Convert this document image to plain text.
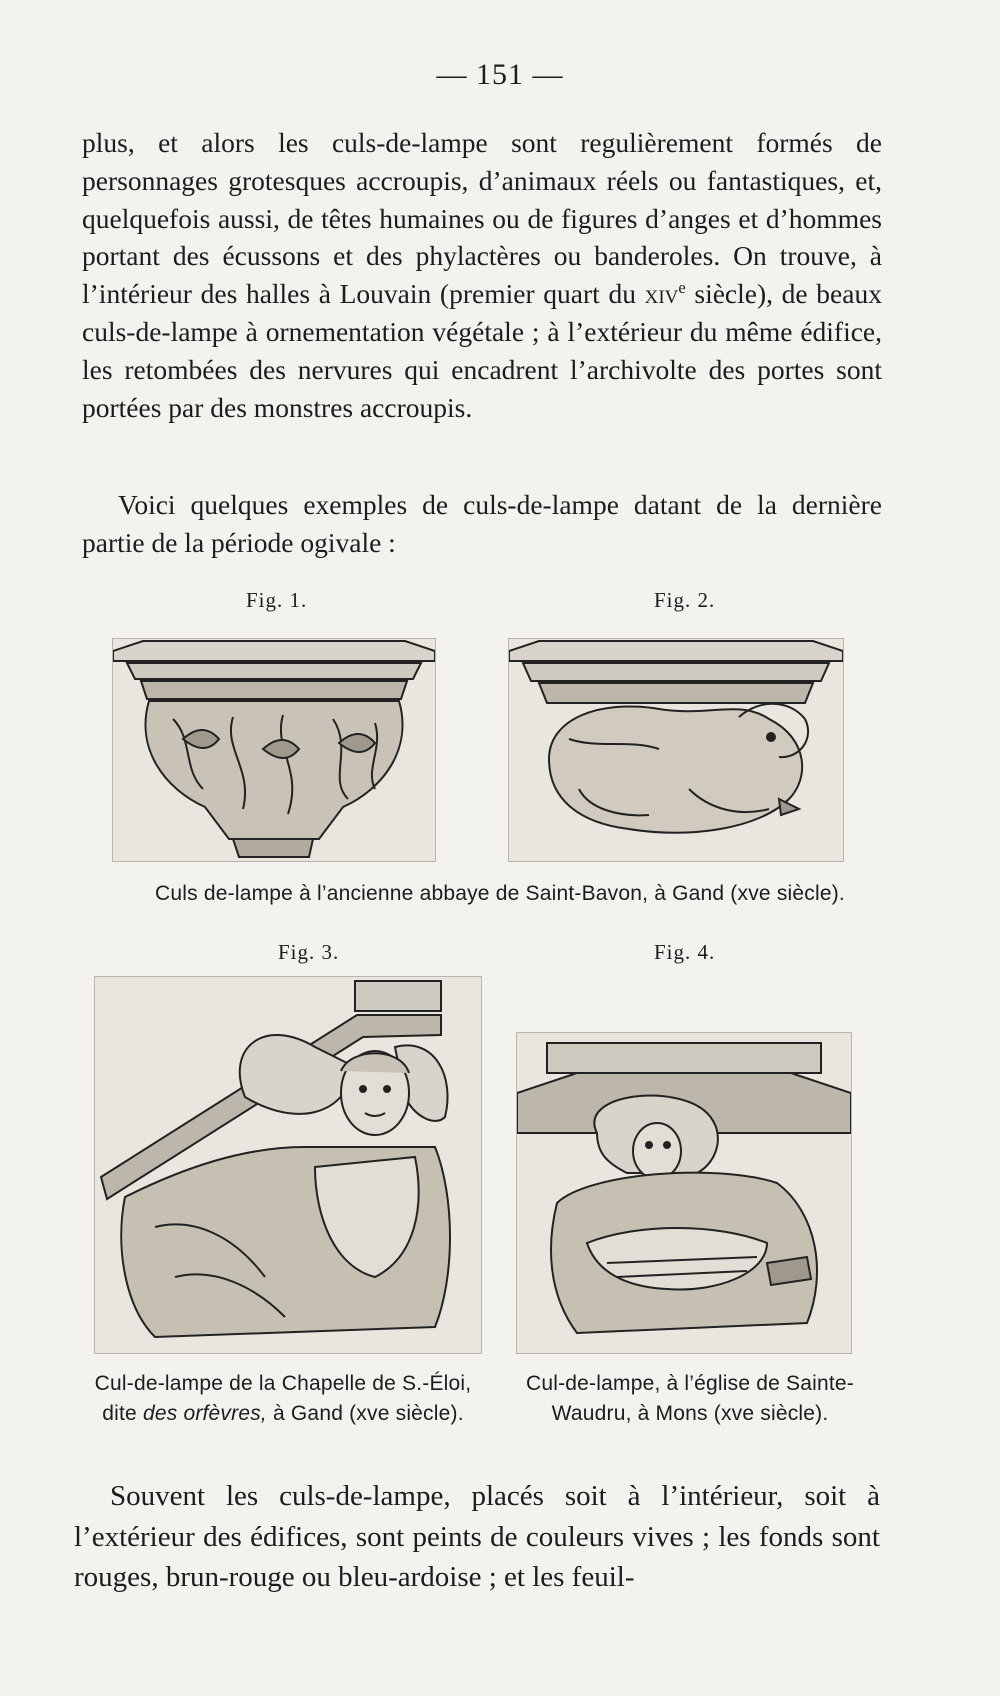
— 151 —

plus, et alors les culs-de-lampe sont regulièrement formés de personnages grotesques accroupis, d’animaux réels ou fantastiques, et, quelquefois aussi, de têtes humaines ou de figures d’anges et d’hommes portant des écussons et des phylactères ou banderoles. On trouve, à l’intérieur des halles à Louvain (premier quart du xiv$^e$ siècle), de beaux culs-de-lampe à ornementation végétale ; à l’extérieur du même édifice, les retombées des nervures qui encadrent l’archivolte des portes sont portées par des monstres accroupis.

Voici quelques exemples de culs-de-lampe datant de la dernière partie de la période ogivale :

Fig. 1.	Fig. 2.
Culs de-lampe à l’ancienne abbaye de Saint-Bavon, à Gand (xve siècle).
Fig. 3.	Fig. 4.
Cul-de-lampe de la Chapelle de S.-Éloi,
dite des orfèvres, à Gand (xve siècle).
Cul-de-lampe, à l’église de Sainte-
Waudru, à Mons (xve siècle).

Souvent les culs-de-lampe, placés soit à l’intérieur, soit à l’extérieur des édifices, sont peints de couleurs vives ; les fonds sont rouges, brun-rouge ou bleu-ardoise ; et les feuil-
